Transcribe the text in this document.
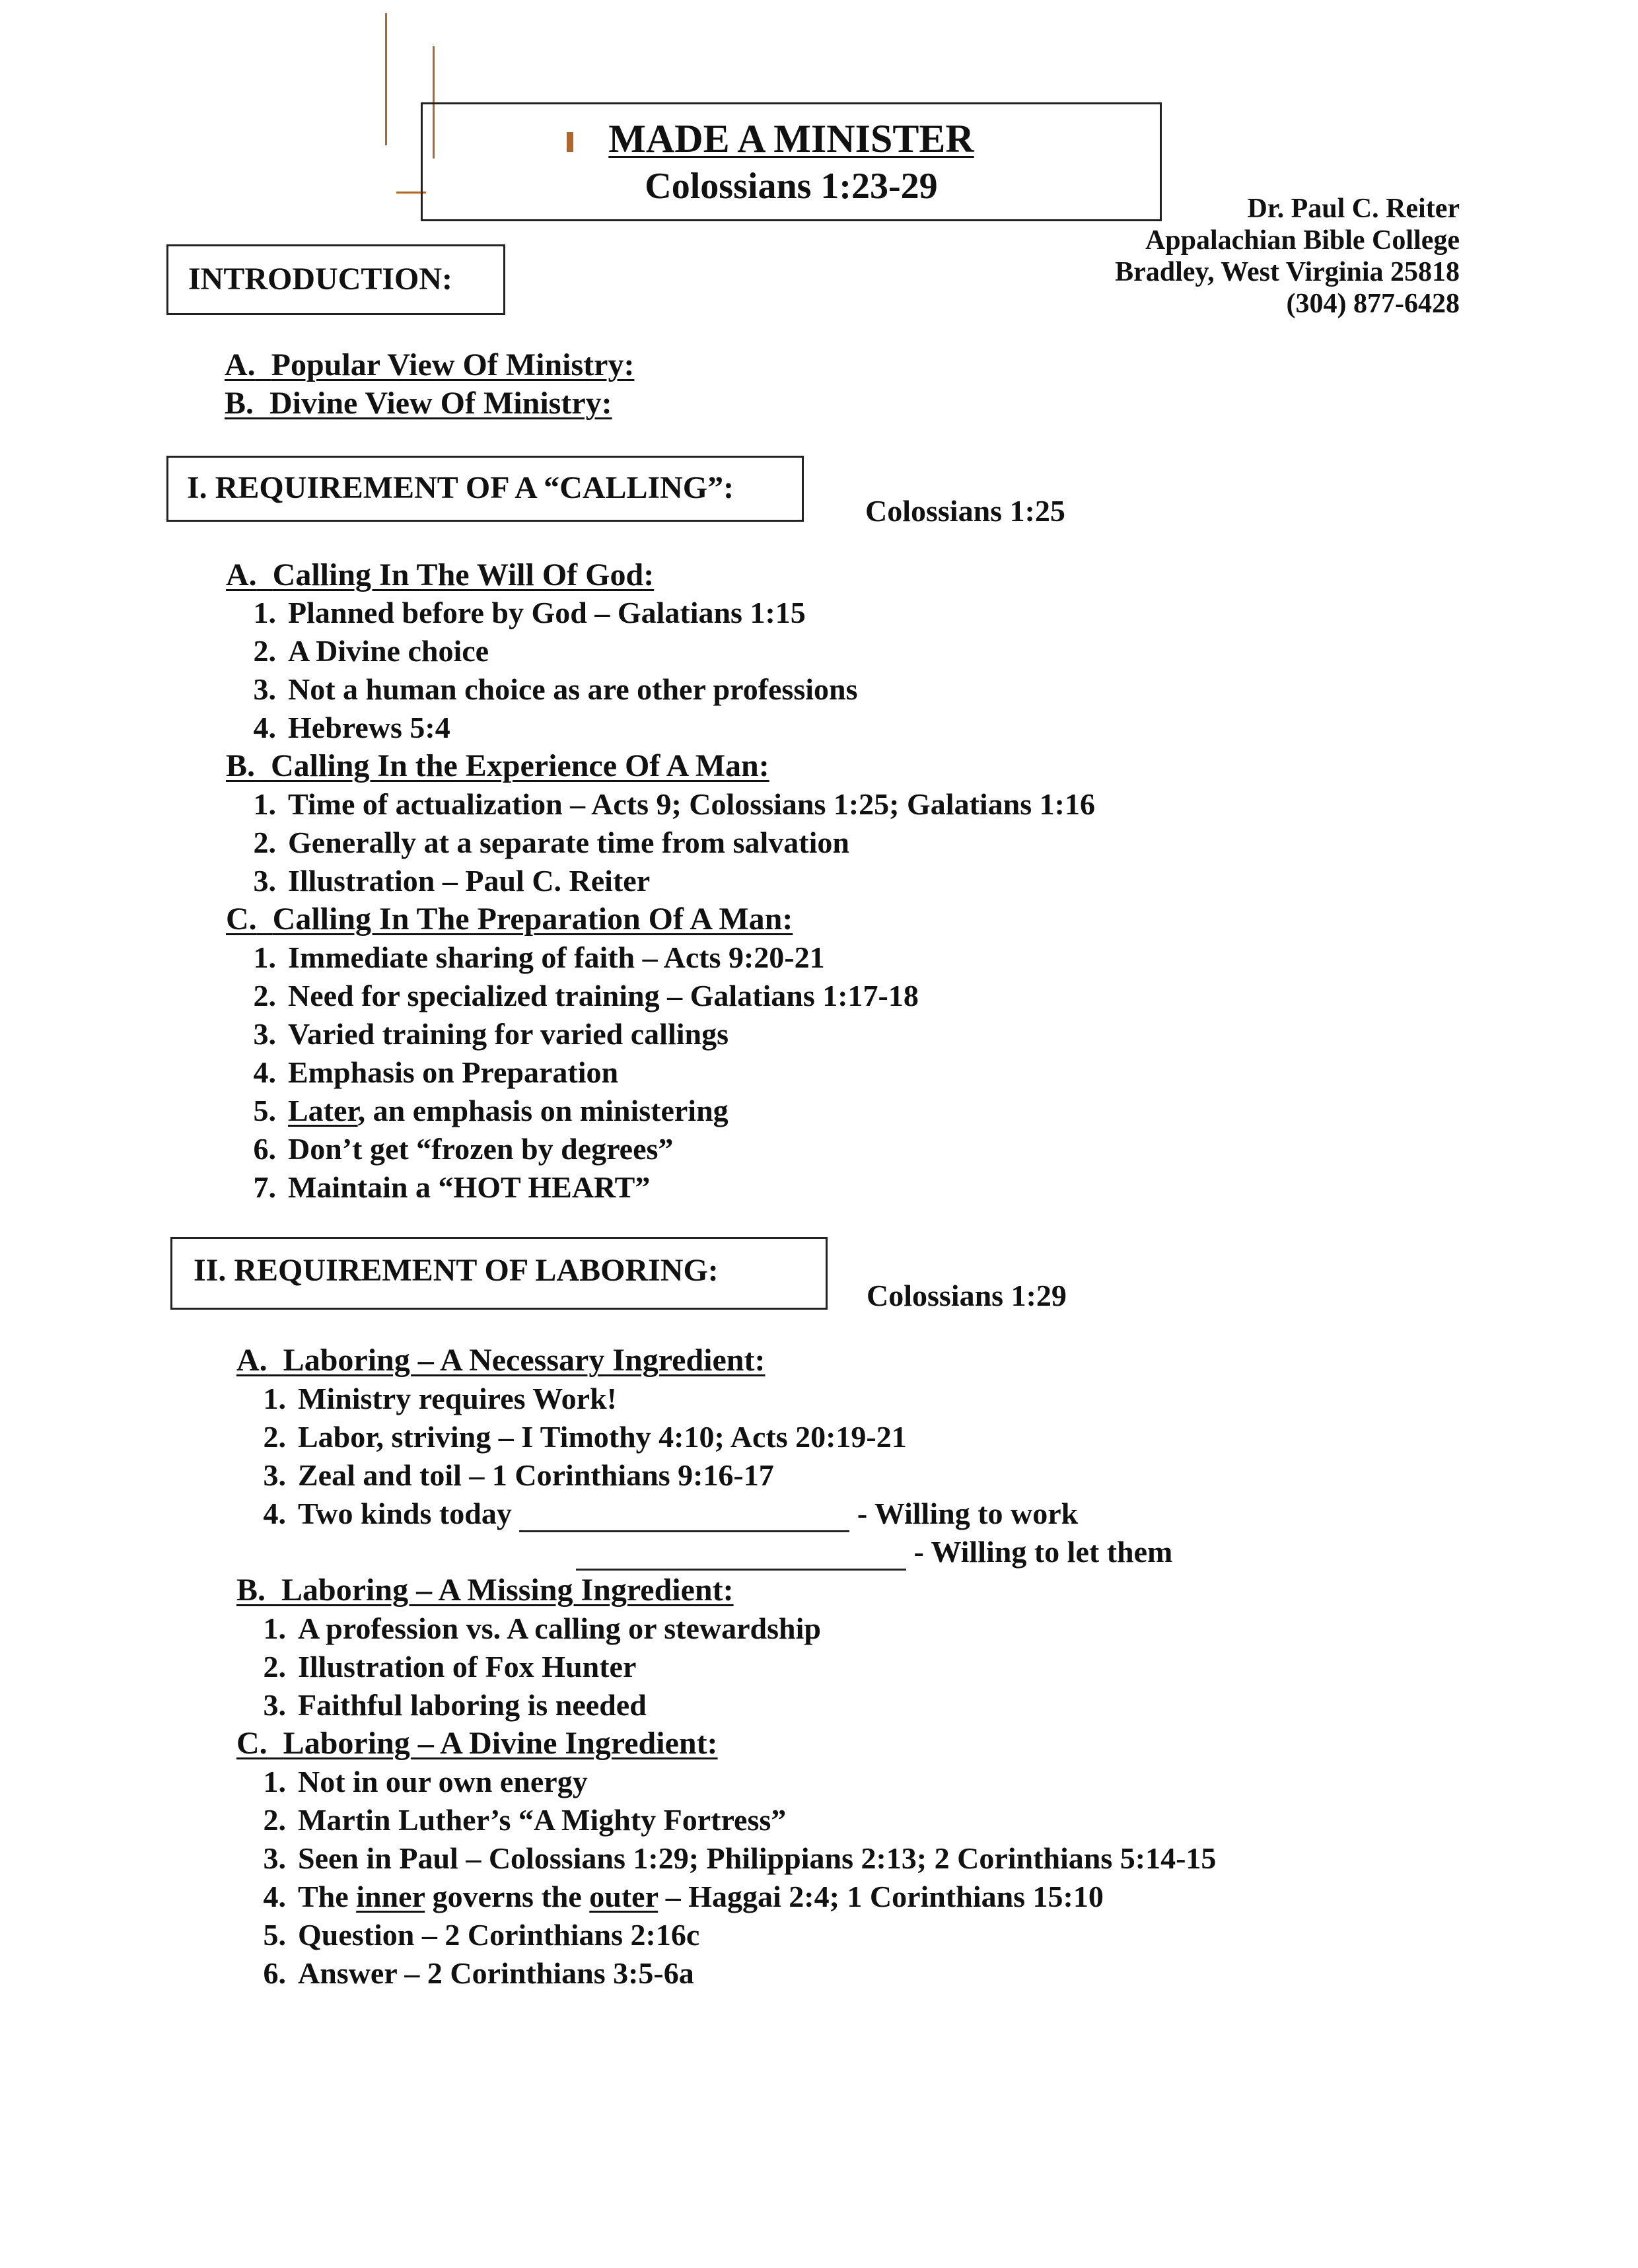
MADE A MINISTER
Colossians 1:23-29
Dr. Paul C. Reiter
Appalachian Bible College
Bradley, West Virginia 25818
(304) 877-6428
INTRODUCTION:
A. Popular View Of Ministry:
B. Divine View Of Ministry:
I. REQUIREMENT OF A “CALLING”:
Colossians 1:25
A. Calling In The Will Of God:
1. Planned before by God – Galatians 1:15
2. A Divine choice
3. Not a human choice as are other professions
4. Hebrews 5:4
B. Calling In the Experience Of A Man:
1. Time of actualization – Acts 9; Colossians 1:25; Galatians 1:16
2. Generally at a separate time from salvation
3. Illustration – Paul C. Reiter
C. Calling In The Preparation Of A Man:
1. Immediate sharing of faith – Acts 9:20-21
2. Need for specialized training – Galatians 1:17-18
3. Varied training for varied callings
4. Emphasis on Preparation
5. Later, an emphasis on ministering
6. Don’t get “frozen by degrees”
7. Maintain a “HOT HEART”
II. REQUIREMENT OF LABORING:
Colossians 1:29
A. Laboring – A Necessary Ingredient:
1. Ministry requires Work!
2. Labor, striving – I Timothy 4:10; Acts 20:19-21
3. Zeal and toil – 1 Corinthians 9:16-17
4. Two kinds today	- Willing to work
- Willing to let them
B. Laboring – A Missing Ingredient:
1. A profession vs. A calling or stewardship
2. Illustration of Fox Hunter
3. Faithful laboring is needed
C. Laboring – A Divine Ingredient:
1. Not in our own energy
2. Martin Luther’s “A Mighty Fortress”
3. Seen in Paul – Colossians 1:29; Philippians 2:13; 2 Corinthians 5:14-15
4. The inner governs the outer – Haggai 2:4; 1 Corinthians 15:10
5. Question – 2 Corinthians 2:16c
6. Answer – 2 Corinthians 3:5-6a
